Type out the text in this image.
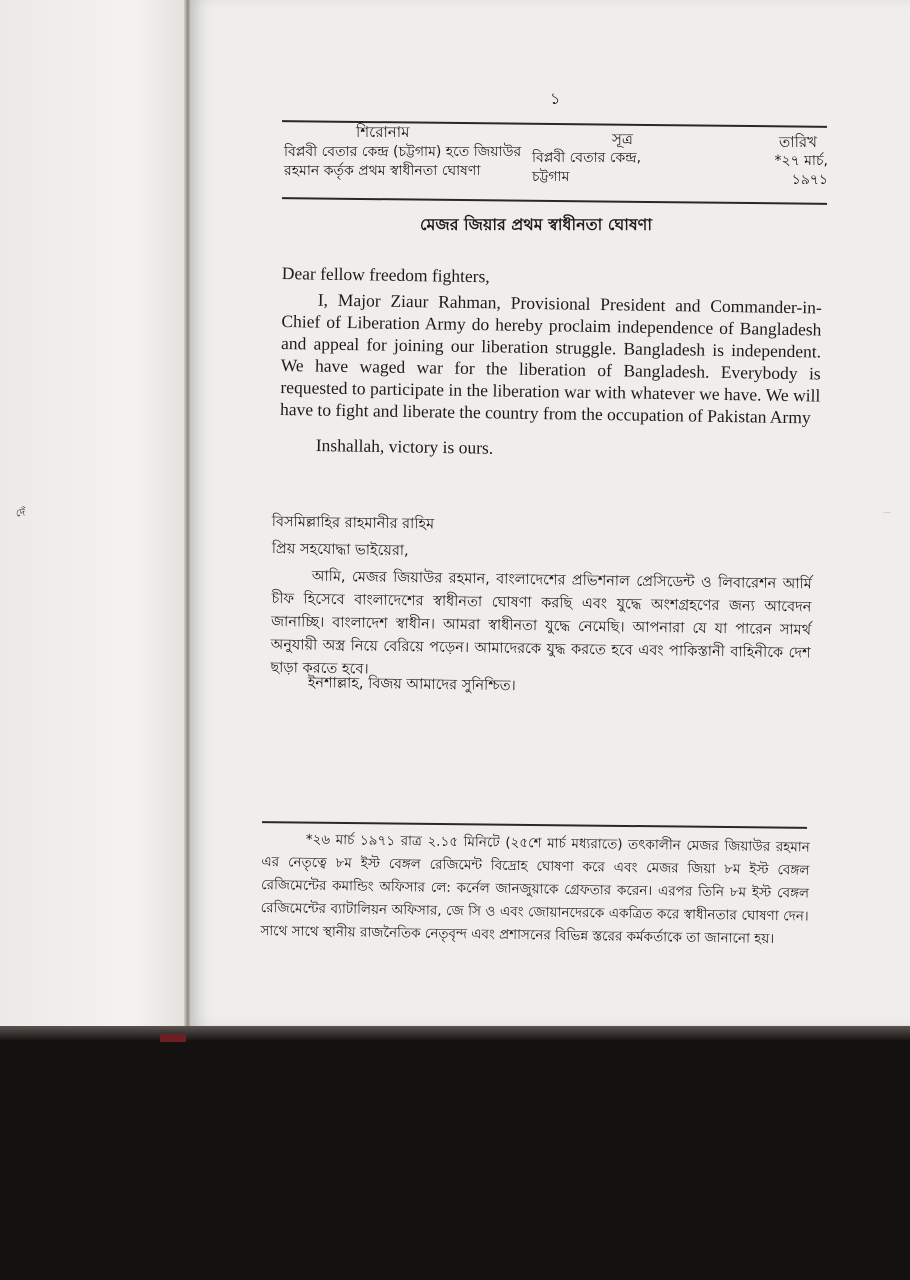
দেঁ	—
১
শিরোনাম
বিপ্লবী বেতার কেন্দ্র (চট্টগাম) হতে জিয়াউর রহমান কর্তৃক প্রথম স্বাধীনতা ঘোষণা
সূত্র
বিপ্লবী বেতার কেন্দ্র, চট্টগাম
তারিখ
*২৭ মার্চ, ১৯৭১
মেজর জিয়ার প্রথম স্বাধীনতা ঘোষণা
Dear fellow freedom fighters,
I, Major Ziaur Rahman, Provisional President and Commander-in-Chief of Liberation Army do hereby proclaim independence of Bangladesh and appeal for joining our liberation struggle. Bangladesh is independent. We have waged war for the liberation of Bangladesh. Everybody is requested to participate in the liberation war with whatever we have. We will have to fight and liberate the country from the occupation of Pakistan Army
Inshallah, victory is ours.
বিসমিল্লাহির রাহমানীর রাহিম
প্রিয় সহযোদ্ধা ভাইয়েরা,
আমি, মেজর জিয়াউর রহমান, বাংলাদেশের প্রভিশনাল প্রেসিডেন্ট ও লিবারেশন আর্মি চীফ হিসেবে বাংলাদেশের স্বাধীনতা ঘোষণা করছি এবং যুদ্ধে অংশগ্রহণের জন্য আবেদন জানাচ্ছি। বাংলাদেশ স্বাধীন। আমরা স্বাধীনতা যুদ্ধে নেমেছি। আপনারা যে যা পারেন সামর্থ অনুযায়ী অস্ত্র নিয়ে বেরিয়ে পড়েন। আমাদেরকে যুদ্ধ করতে হবে এবং পাকিস্তানী বাহিনীকে দেশ ছাড়া করতে হবে।
ইনশাল্লাহ, বিজয় আমাদের সুনিশ্চিত।
*২৬ মার্চ ১৯৭১ রাত্র ২.১৫ মিনিটে (২৫শে মার্চ মধ্যরাতে) তৎকালীন মেজর জিয়াউর রহমান এর নেতৃত্বে ৮ম ইস্ট বেঙ্গল রেজিমেন্ট বিদ্রোহ ঘোষণা করে এবং মেজর জিয়া ৮ম ইস্ট বেঙ্গল রেজিমেন্টের কমান্ডিং অফিসার লে: কর্নেল জানজুয়াকে গ্রেফতার করেন। এরপর তিনি ৮ম ইস্ট বেঙ্গল রেজিমেন্টের ব্যাটালিয়ন অফিসার, জে সি ও এবং জোয়ানদেরকে একত্রিত করে স্বাধীনতার ঘোষণা দেন। সাথে সাথে স্থানীয় রাজনৈতিক নেতৃবৃন্দ এবং প্রশাসনের বিভিন্ন স্তরের কর্মকর্তাকে তা জানানো হয়।
